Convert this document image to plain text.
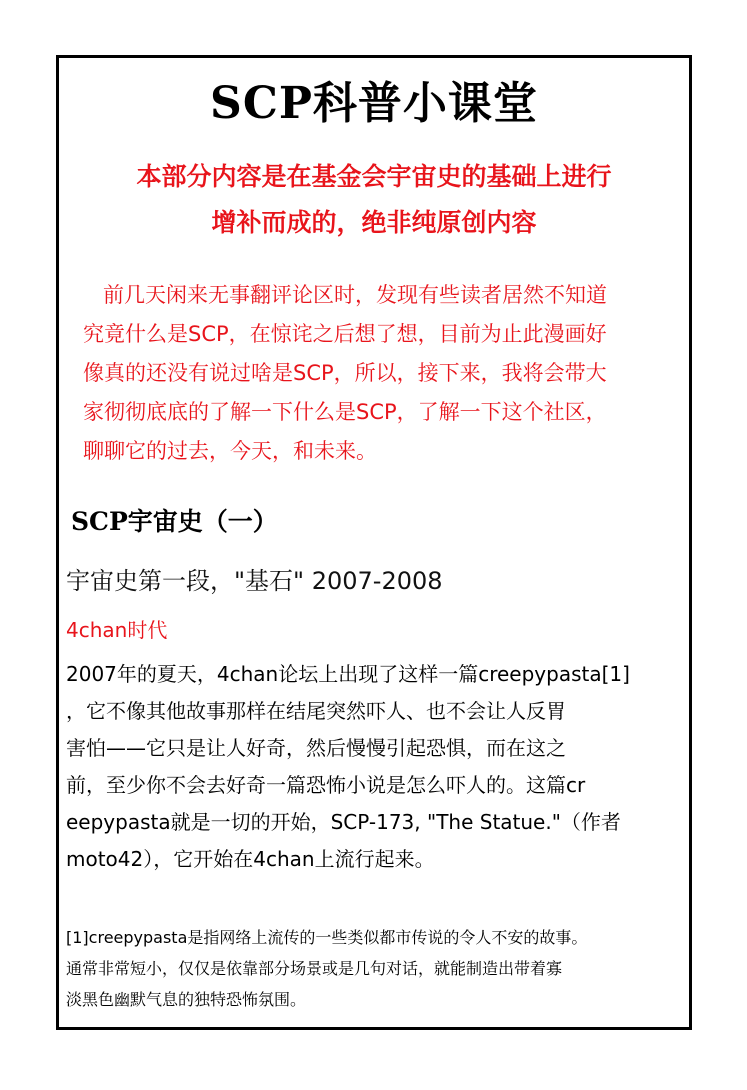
SCP科普小课堂
本部分内容是在基金会宇宙史的基础上进行
增补而成的，绝非纯原创内容
前几天闲来无事翻评论区时，发现有些读者居然不知道
究竟什么是SCP，在惊诧之后想了想，目前为止此漫画好
像真的还没有说过啥是SCP，所以，接下来，我将会带大
家彻彻底底的了解一下什么是SCP，了解一下这个社区，
聊聊它的过去，今天，和未来。
SCP宇宙史（一）
宇宙史第一段，"基石" 2007-2008
4chan时代
2007年的夏天，4chan论坛上出现了这样一篇creepypasta[1]
，它不像其他故事那样在结尾突然吓人、也不会让人反胃
害怕——它只是让人好奇，然后慢慢引起恐惧，而在这之
前，至少你不会去好奇一篇恐怖小说是怎么吓人的。这篇cr
eepypasta就是一切的开始，SCP-173, "The Statue."（作者
moto42），它开始在4chan上流行起来。
[1]creepypasta是指网络上流传的一些类似都市传说的令人不安的故事。
通常非常短小，仅仅是依靠部分场景或是几句对话，就能制造出带着寡
淡黑色幽默气息的独特恐怖氛围。
